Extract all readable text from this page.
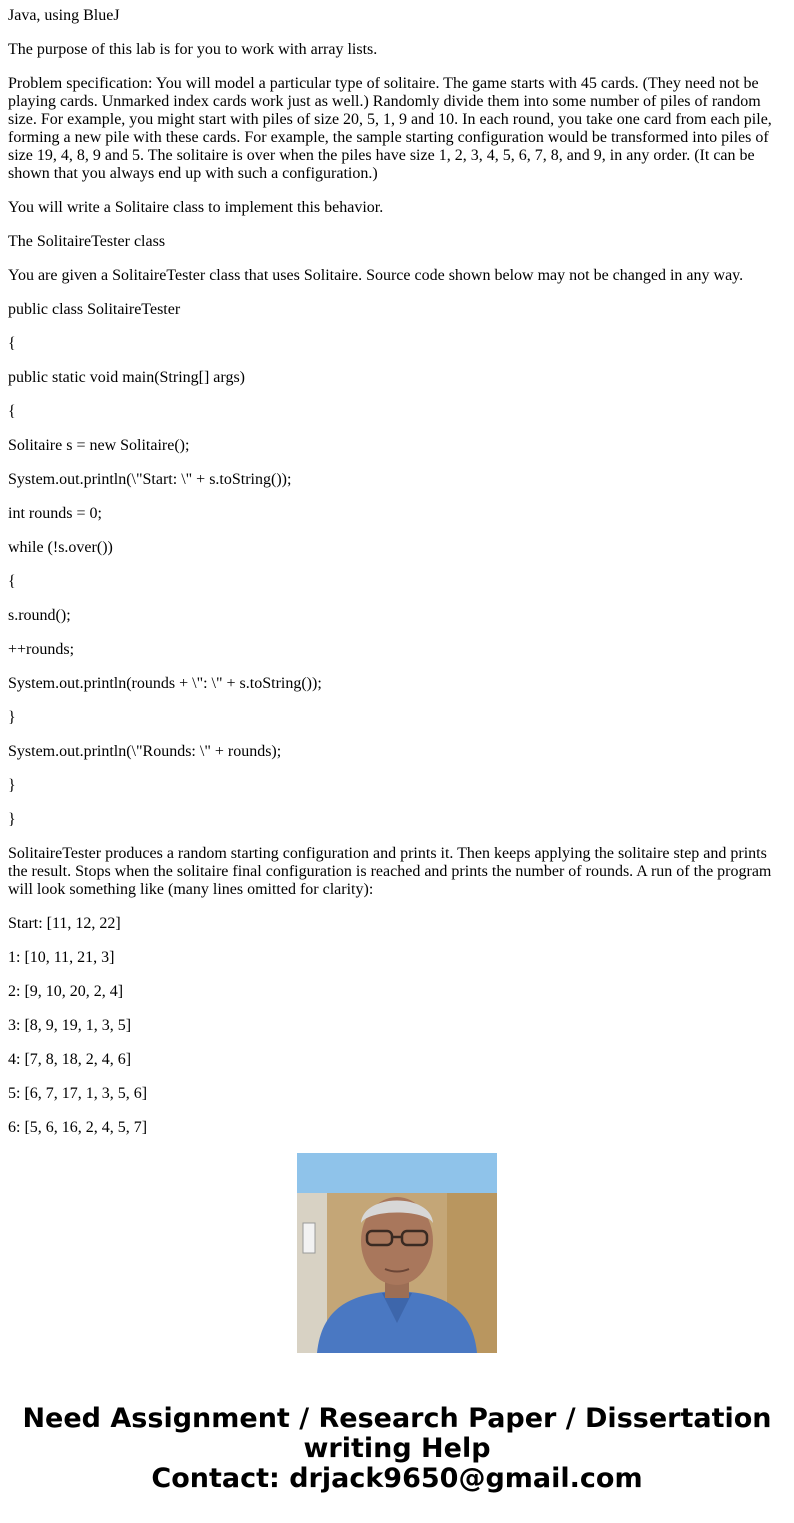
Java, using BlueJ

The purpose of this lab is for you to work with array lists.

Problem specification: You will model a particular type of solitaire. The game starts with 45 cards. (They need not be playing cards. Unmarked index cards work just as well.) Randomly divide them into some number of piles of random size. For example, you might start with piles of size 20, 5, 1, 9 and 10. In each round, you take one card from each pile, forming a new pile with these cards. For example, the sample starting configuration would be transformed into piles of size 19, 4, 8, 9 and 5. The solitaire is over when the piles have size 1, 2, 3, 4, 5, 6, 7, 8, and 9, in any order. (It can be shown that you always end up with such a configuration.)

You will write a Solitaire class to implement this behavior.

The SolitaireTester class

You are given a SolitaireTester class that uses Solitaire. Source code shown below may not be changed in any way.

public class SolitaireTester

{

public static void main(String[] args)

{

Solitaire s = new Solitaire();

System.out.println(\"Start: \" + s.toString());

int rounds = 0;

while (!s.over())

{

s.round();

++rounds;

System.out.println(rounds + \": \" + s.toString());

}

System.out.println(\"Rounds: \" + rounds);

}

}

SolitaireTester produces a random starting configuration and prints it. Then keeps applying the solitaire step and prints the result. Stops when the solitaire final configuration is reached and prints the number of rounds. A run of the program will look something like (many lines omitted for clarity):

Start: [11, 12, 22]

1: [10, 11, 21, 3]

2: [9, 10, 20, 2, 4]

3: [8, 9, 19, 1, 3, 5]

4: [7, 8, 18, 2, 4, 6]

5: [6, 7, 17, 1, 3, 5, 6]

6: [5, 6, 16, 2, 4, 5, 7]

Need Assignment / Research Paper / Dissertation
writing Help
Contact: drjack9650@gmail.com
